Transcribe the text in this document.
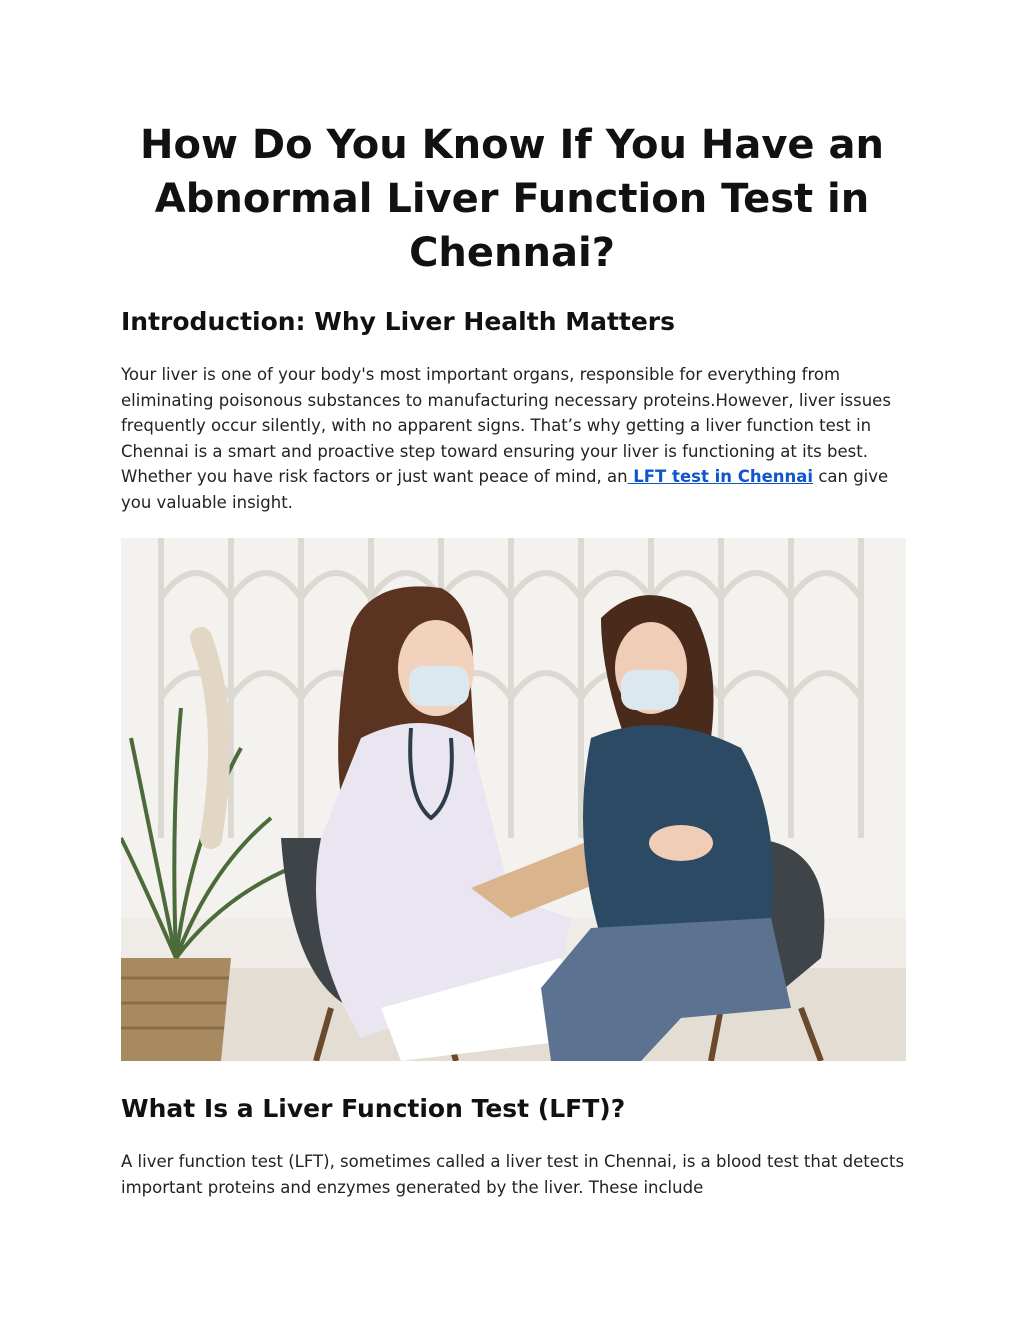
How Do You Know If You Have an Abnormal Liver Function Test in Chennai?
Introduction: Why Liver Health Matters

Your liver is one of your body's most important organs, responsible for everything from eliminating poisonous substances to manufacturing necessary proteins.However, liver issues frequently occur silently, with no apparent signs. That’s why getting a liver function test in Chennai is a smart and proactive step toward ensuring your liver is functioning at its best. Whether you have risk factors or just want peace of mind, an LFT test in Chennai can give you valuable insight.

What Is a Liver Function Test (LFT)?

A liver function test (LFT), sometimes called a liver test in Chennai, is a blood test that detects important proteins and enzymes generated by the liver. These include
